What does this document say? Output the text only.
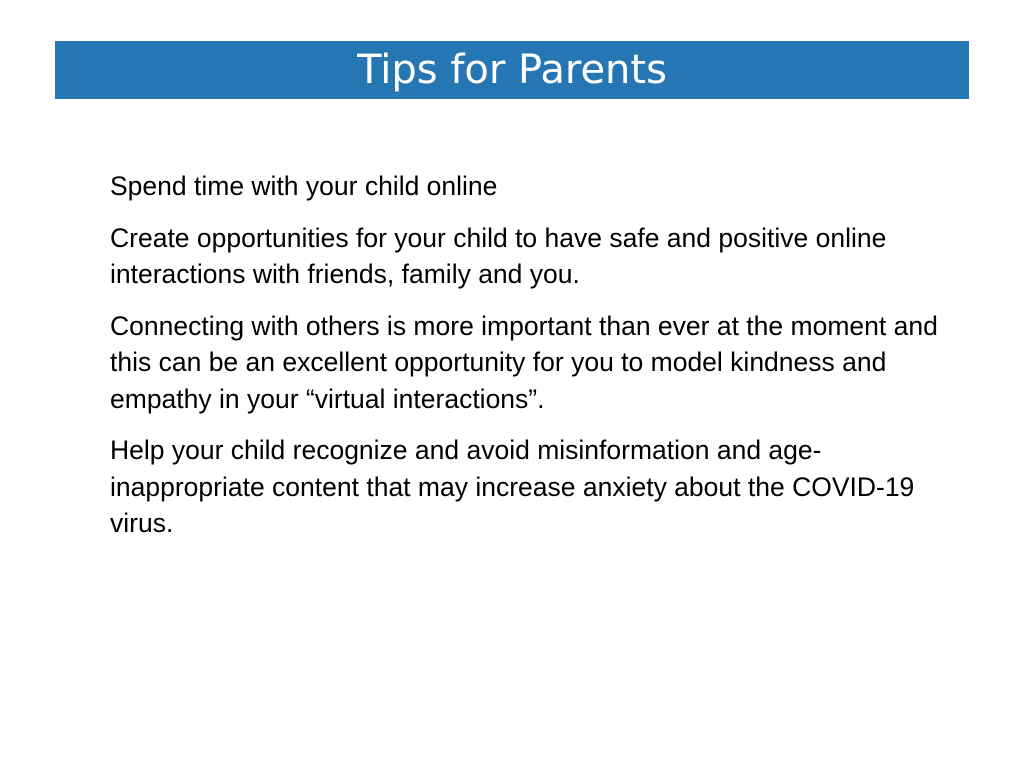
Tips for Parents

Spend time with your child online

Create opportunities for your child to have safe and positive online interactions with friends, family and you.

Connecting with others is more important than ever at the moment and this can be an excellent opportunity for you to model kindness and empathy in your “virtual interactions”.

Help your child recognize and avoid misinformation and age-inappropriate content that may increase anxiety about the COVID-19 virus.
